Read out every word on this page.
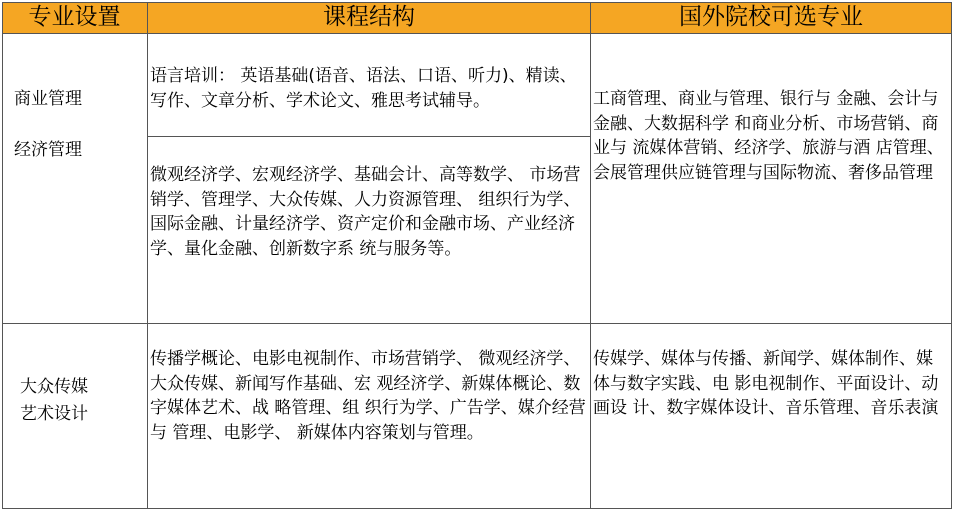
专业设置	课程结构	国外院校可选专业
商业管理
经济管理
语言培训： 英语基础(语音、语法、口语、听力)、精读、 写作、文章分析、学术论文、雅思考试辅导。
微观经济学、宏观经济学、基础会计、高等数学、 市场营销学、管理学、大众传媒、人力资源管理、 组织行为学、国际金融、计量经济学、资产定价和金融市场、产业经济学、量化金融、创新数字系 统与服务等。
工商管理、商业与管理、银行与 金融、会计与金融、大数据科学 和商业分析、市场营销、商业与 流媒体营销、经济学、旅游与酒 店管理、会展管理供应链管理与国际物流、奢侈品管理
大众传媒
艺术设计
传播学概论、电影电视制作、市场营销学、 微观经济学、大众传媒、新闻写作基础、宏 观经济学、新媒体概论、数字媒体艺术、战 略管理、组 织行为学、广告学、媒介经营与 管理、电影学、 新媒体内容策划与管理。
传媒学、媒体与传播、新闻学、媒体制作、媒体与数字实践、电 影电视制作、平面设计、动画设 计、数字媒体设计、音乐管理、音乐表演
